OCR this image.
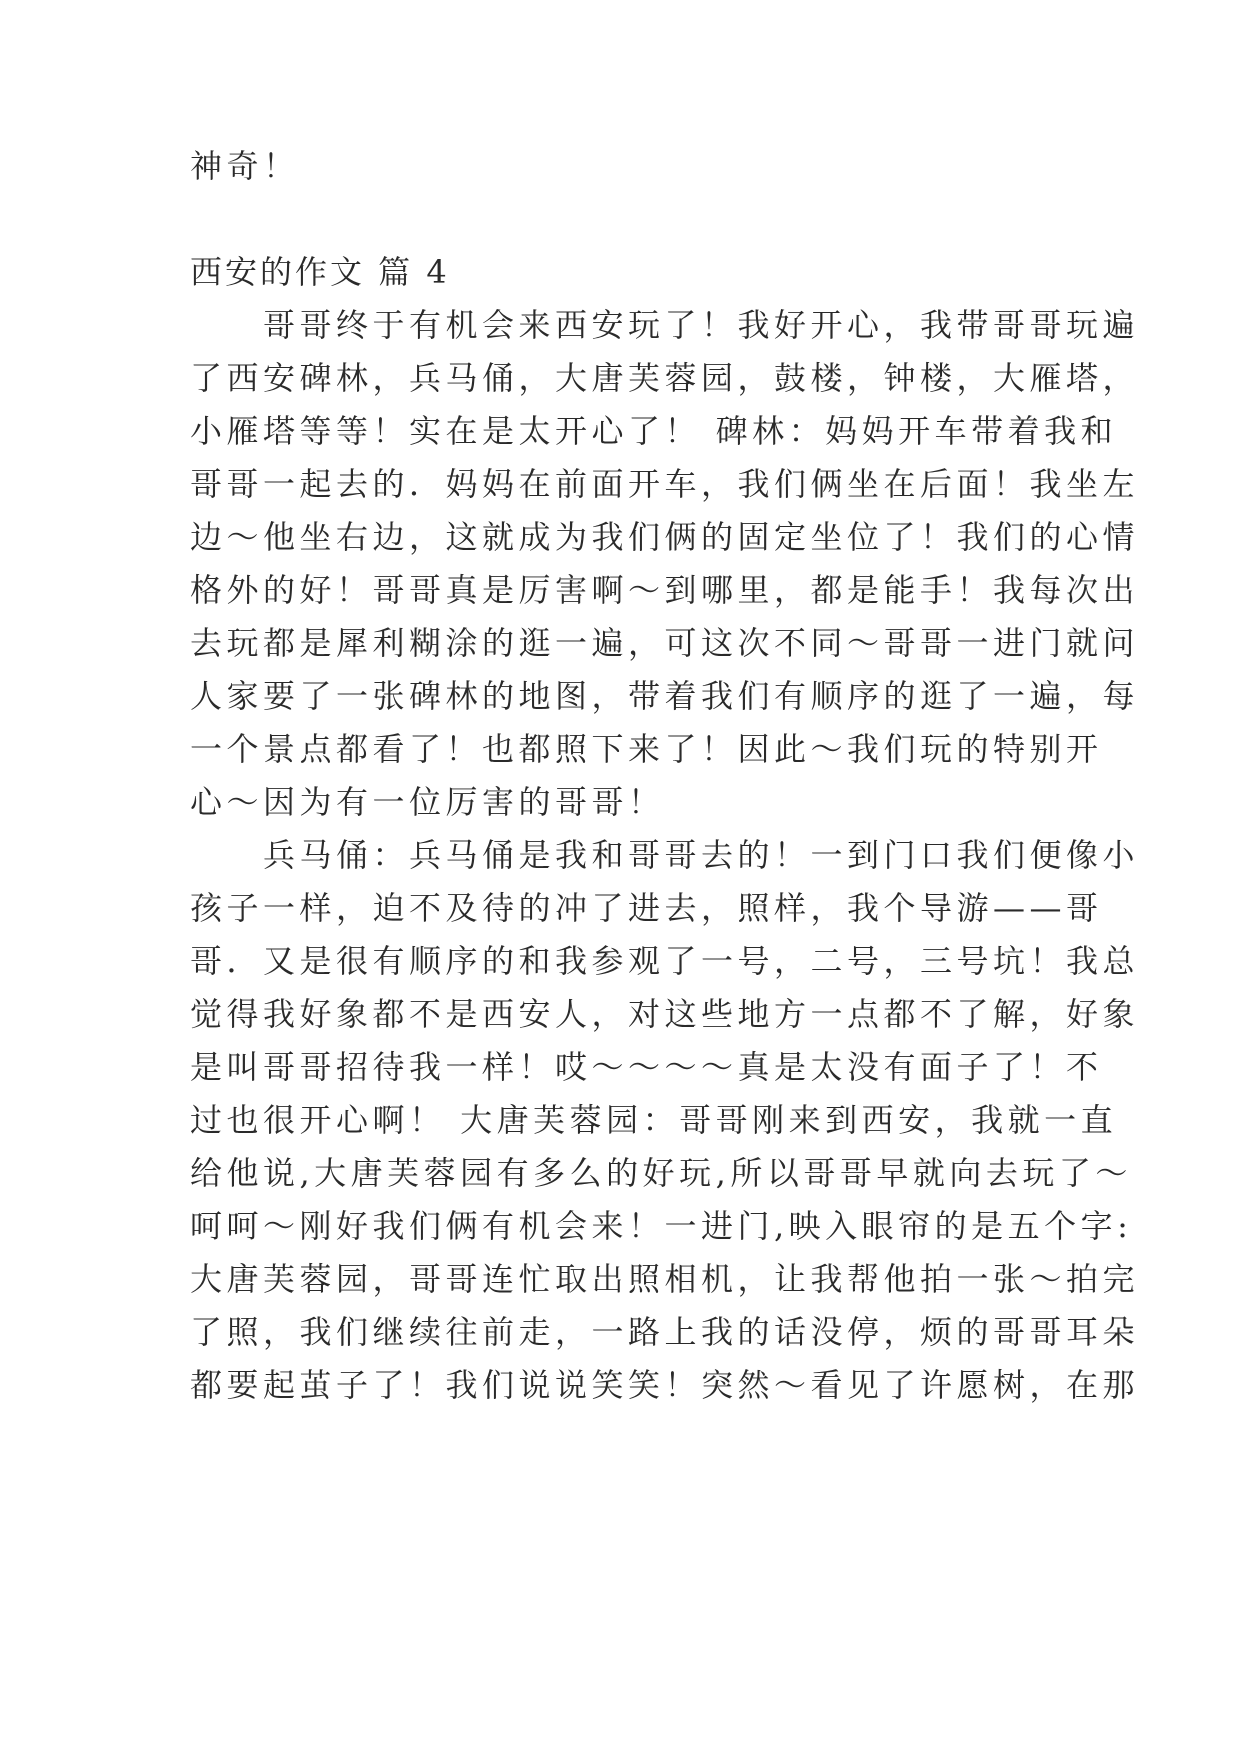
神奇！
西安的作文 篇 4
　　哥哥终于有机会来西安玩了！我好开心，我带哥哥玩遍
了西安碑林，兵马俑，大唐芙蓉园，鼓楼，钟楼，大雁塔，
小雁塔等等！实在是太开心了！ 碑林：妈妈开车带着我和
哥哥一起去的．妈妈在前面开车，我们俩坐在后面！我坐左
边～他坐右边，这就成为我们俩的固定坐位了！我们的心情
格外的好！哥哥真是厉害啊～到哪里，都是能手！我每次出
去玩都是犀利糊涂的逛一遍，可这次不同～哥哥一进门就问
人家要了一张碑林的地图，带着我们有顺序的逛了一遍，每
一个景点都看了！也都照下来了！因此～我们玩的特别开
心～因为有一位厉害的哥哥！
　　兵马俑：兵马俑是我和哥哥去的！一到门口我们便像小
孩子一样，迫不及待的冲了进去，照样，我个导游——哥
哥．又是很有顺序的和我参观了一号，二号，三号坑！我总
觉得我好象都不是西安人，对这些地方一点都不了解，好象
是叫哥哥招待我一样！哎～～～～真是太没有面子了！不
过也很开心啊！ 大唐芙蓉园：哥哥刚来到西安，我就一直
给他说,大唐芙蓉园有多么的好玩,所以哥哥早就向去玩了～
呵呵～刚好我们俩有机会来！一进门,映入眼帘的是五个字:
大唐芙蓉园，哥哥连忙取出照相机，让我帮他拍一张～拍完
了照，我们继续往前走，一路上我的话没停，烦的哥哥耳朵
都要起茧子了！我们说说笑笑！突然～看见了许愿树，在那
